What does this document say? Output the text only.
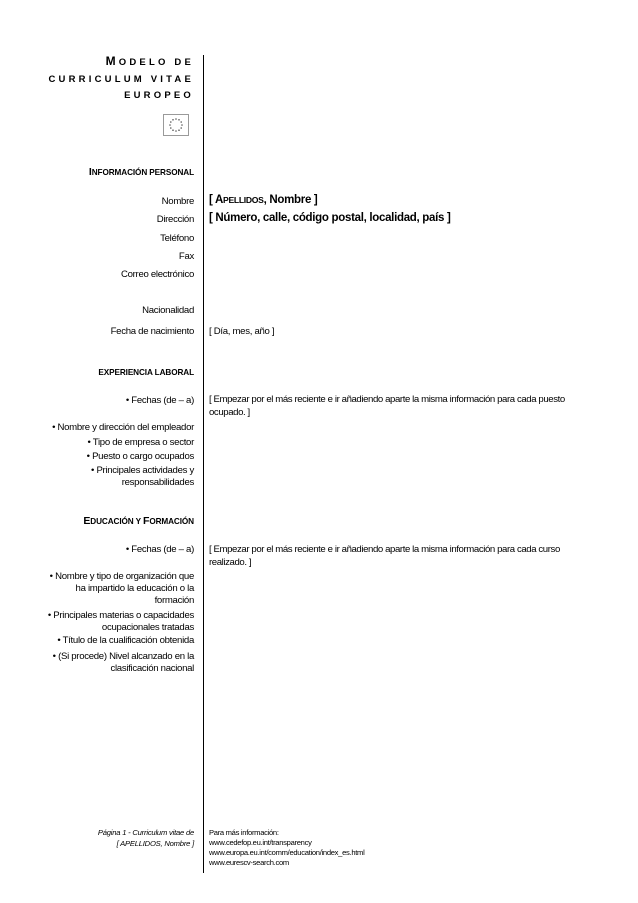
MODELO DE
CURRICULUM VITAE
EUROPEO
INFORMACIÓN PERSONAL
Nombre [ APELLIDOS, Nombre ]
Dirección [ Número, calle, código postal, localidad, país ]
Teléfono
Fax
Correo electrónico
Nacionalidad
Fecha de nacimiento [ Día, mes, año ]
EXPERIENCIA LABORAL
• Fechas (de – a) [ Empezar por el más reciente e ir añadiendo aparte la misma información para cada puesto
ocupado. ]
• Nombre y dirección del empleador
• Tipo de empresa o sector
• Puesto o cargo ocupados
• Principales actividades y
responsabilidades
EDUCACIÓN Y FORMACIÓN
• Fechas (de – a) [ Empezar por el más reciente e ir añadiendo aparte la misma información para cada curso
realizado. ]
• Nombre y tipo de organización que
ha impartido la educación o la
formación
• Principales materias o capacidades
ocupacionales tratadas
• Título de la cualificación obtenida
• (Si procede) Nivel alcanzado en la
clasificación nacional
Página 1 - Curriculum vitae de
[ APELLIDOS, Nombre ]
Para más información:
www.cedefop.eu.int/transparency
www.europa.eu.int/comm/education/index_es.html
www.eurescv-search.com
